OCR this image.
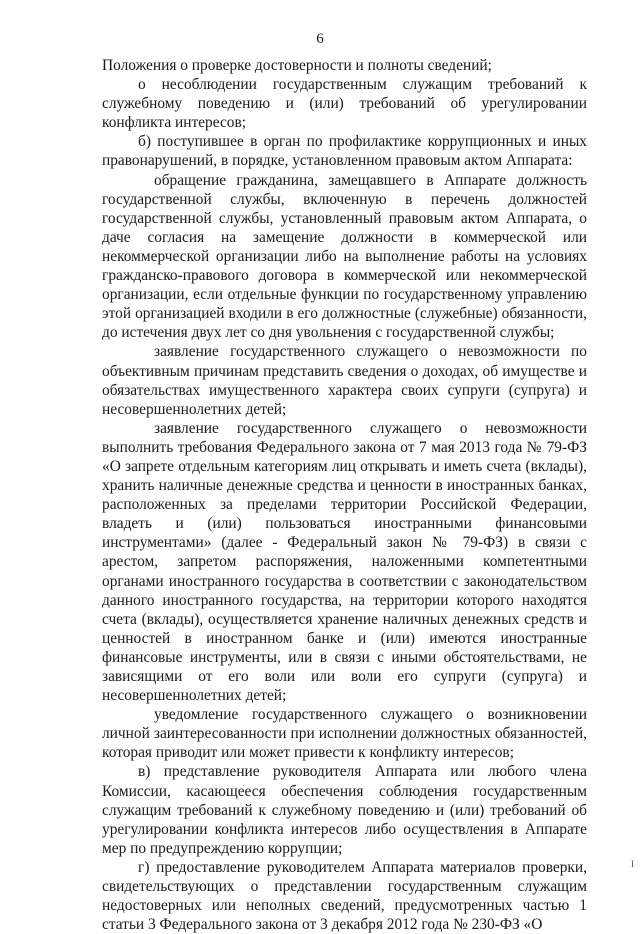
6

Положения о проверке достоверности и полноты сведений;

о несоблюдении государственным служащим требований к служебному поведению и (или) требований об урегулировании конфликта интересов;

б) поступившее в орган по профилактике коррупционных и иных правонарушений, в порядке, установленном правовым актом Аппарата:

обращение гражданина, замещавшего в Аппарате должность государственной службы, включенную в перечень должностей государственной службы, установленный правовым актом Аппарата, о даче согласия на замещение должности в коммерческой или некоммерческой организации либо на выполнение работы на условиях гражданско-правового договора в коммерческой или некоммерческой организации, если отдельные функции по государственному управлению этой организацией входили в его должностные (служебные) обязанности, до истечения двух лет со дня увольнения с государственной службы;

заявление государственного служащего о невозможности по объективным причинам представить сведения о доходах, об имуществе и обязательствах имущественного характера своих супруги (супруга) и несовершеннолетних детей;

заявление государственного служащего о невозможности выполнить требования Федерального закона от 7 мая 2013 года № 79-ФЗ «О запрете отдельным категориям лиц открывать и иметь счета (вклады), хранить наличные денежные средства и ценности в иностранных банках, расположенных за пределами территории Российской Федерации, владеть и (или) пользоваться иностранными финансовыми инструментами» (далее - Федеральный закон № 79-ФЗ) в связи с арестом, запретом распоряжения, наложенными компетентными органами иностранного государства в соответствии с законодательством данного иностранного государства, на территории которого находятся счета (вклады), осуществляется хранение наличных денежных средств и ценностей в иностранном банке и (или) имеются иностранные финансовые инструменты, или в связи с иными обстоятельствами, не зависящими от его воли или воли его супруги (супруга) и несовершеннолетних детей;

уведомление государственного служащего о возникновении личной заинтересованности при исполнении должностных обязанностей, которая приводит или может привести к конфликту интересов;

в) представление руководителя Аппарата или любого члена Комиссии, касающееся обеспечения соблюдения государственным служащим требований к служебному поведению и (или) требований об урегулировании конфликта интересов либо осуществления в Аппарате мер по предупреждению коррупции;

г) предоставление руководителем Аппарата материалов проверки, свидетельствующих о представлении государственным служащим недостоверных или неполных сведений, предусмотренных частью 1 статьи 3 Федерального закона от 3 декабря 2012 года № 230-ФЗ «О

I
